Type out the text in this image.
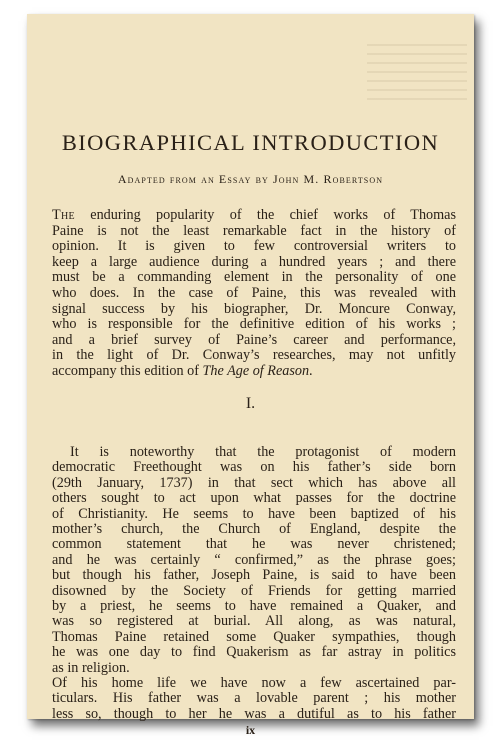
BIOGRAPHICAL INTRODUCTION
Adapted from an Essay by John M. Robertson
The enduring popularity of the chief works of Thomas
Paine is not the least remarkable fact in the history of
opinion. It is given to few controversial writers to
keep a large audience during a hundred years ; and there
must be a commanding element in the personality of one
who does. In the case of Paine, this was revealed with
signal success by his biographer, Dr. Moncure Conway,
who is responsible for the definitive edition of his works ;
and a brief survey of Paine’s career and performance,
in the light of Dr. Conway’s researches, may not unfitly
accompany this edition of The Age of Reason.
I.
It is noteworthy that the protagonist of modern
democratic Freethought was on his father’s side born
(29th January, 1737) in that sect which has above all
others sought to act upon what passes for the doctrine
of Christianity. He seems to have been baptized of his
mother’s church, the Church of England, despite the
common statement that he was never christened;
and he was certainly “ confirmed,” as the phrase goes;
but though his father, Joseph Paine, is said to have been
disowned by the Society of Friends for getting married
by a priest, he seems to have remained a Quaker, and
was so registered at burial. All along, as was natural,
Thomas Paine retained some Quaker sympathies, though
he was one day to find Quakerism as far astray in politics
as in religion.
Of his home life we have now a few ascertained par-
ticulars. His father was a lovable parent ; his mother
less so, though to her he was a dutiful as to his father
ix
